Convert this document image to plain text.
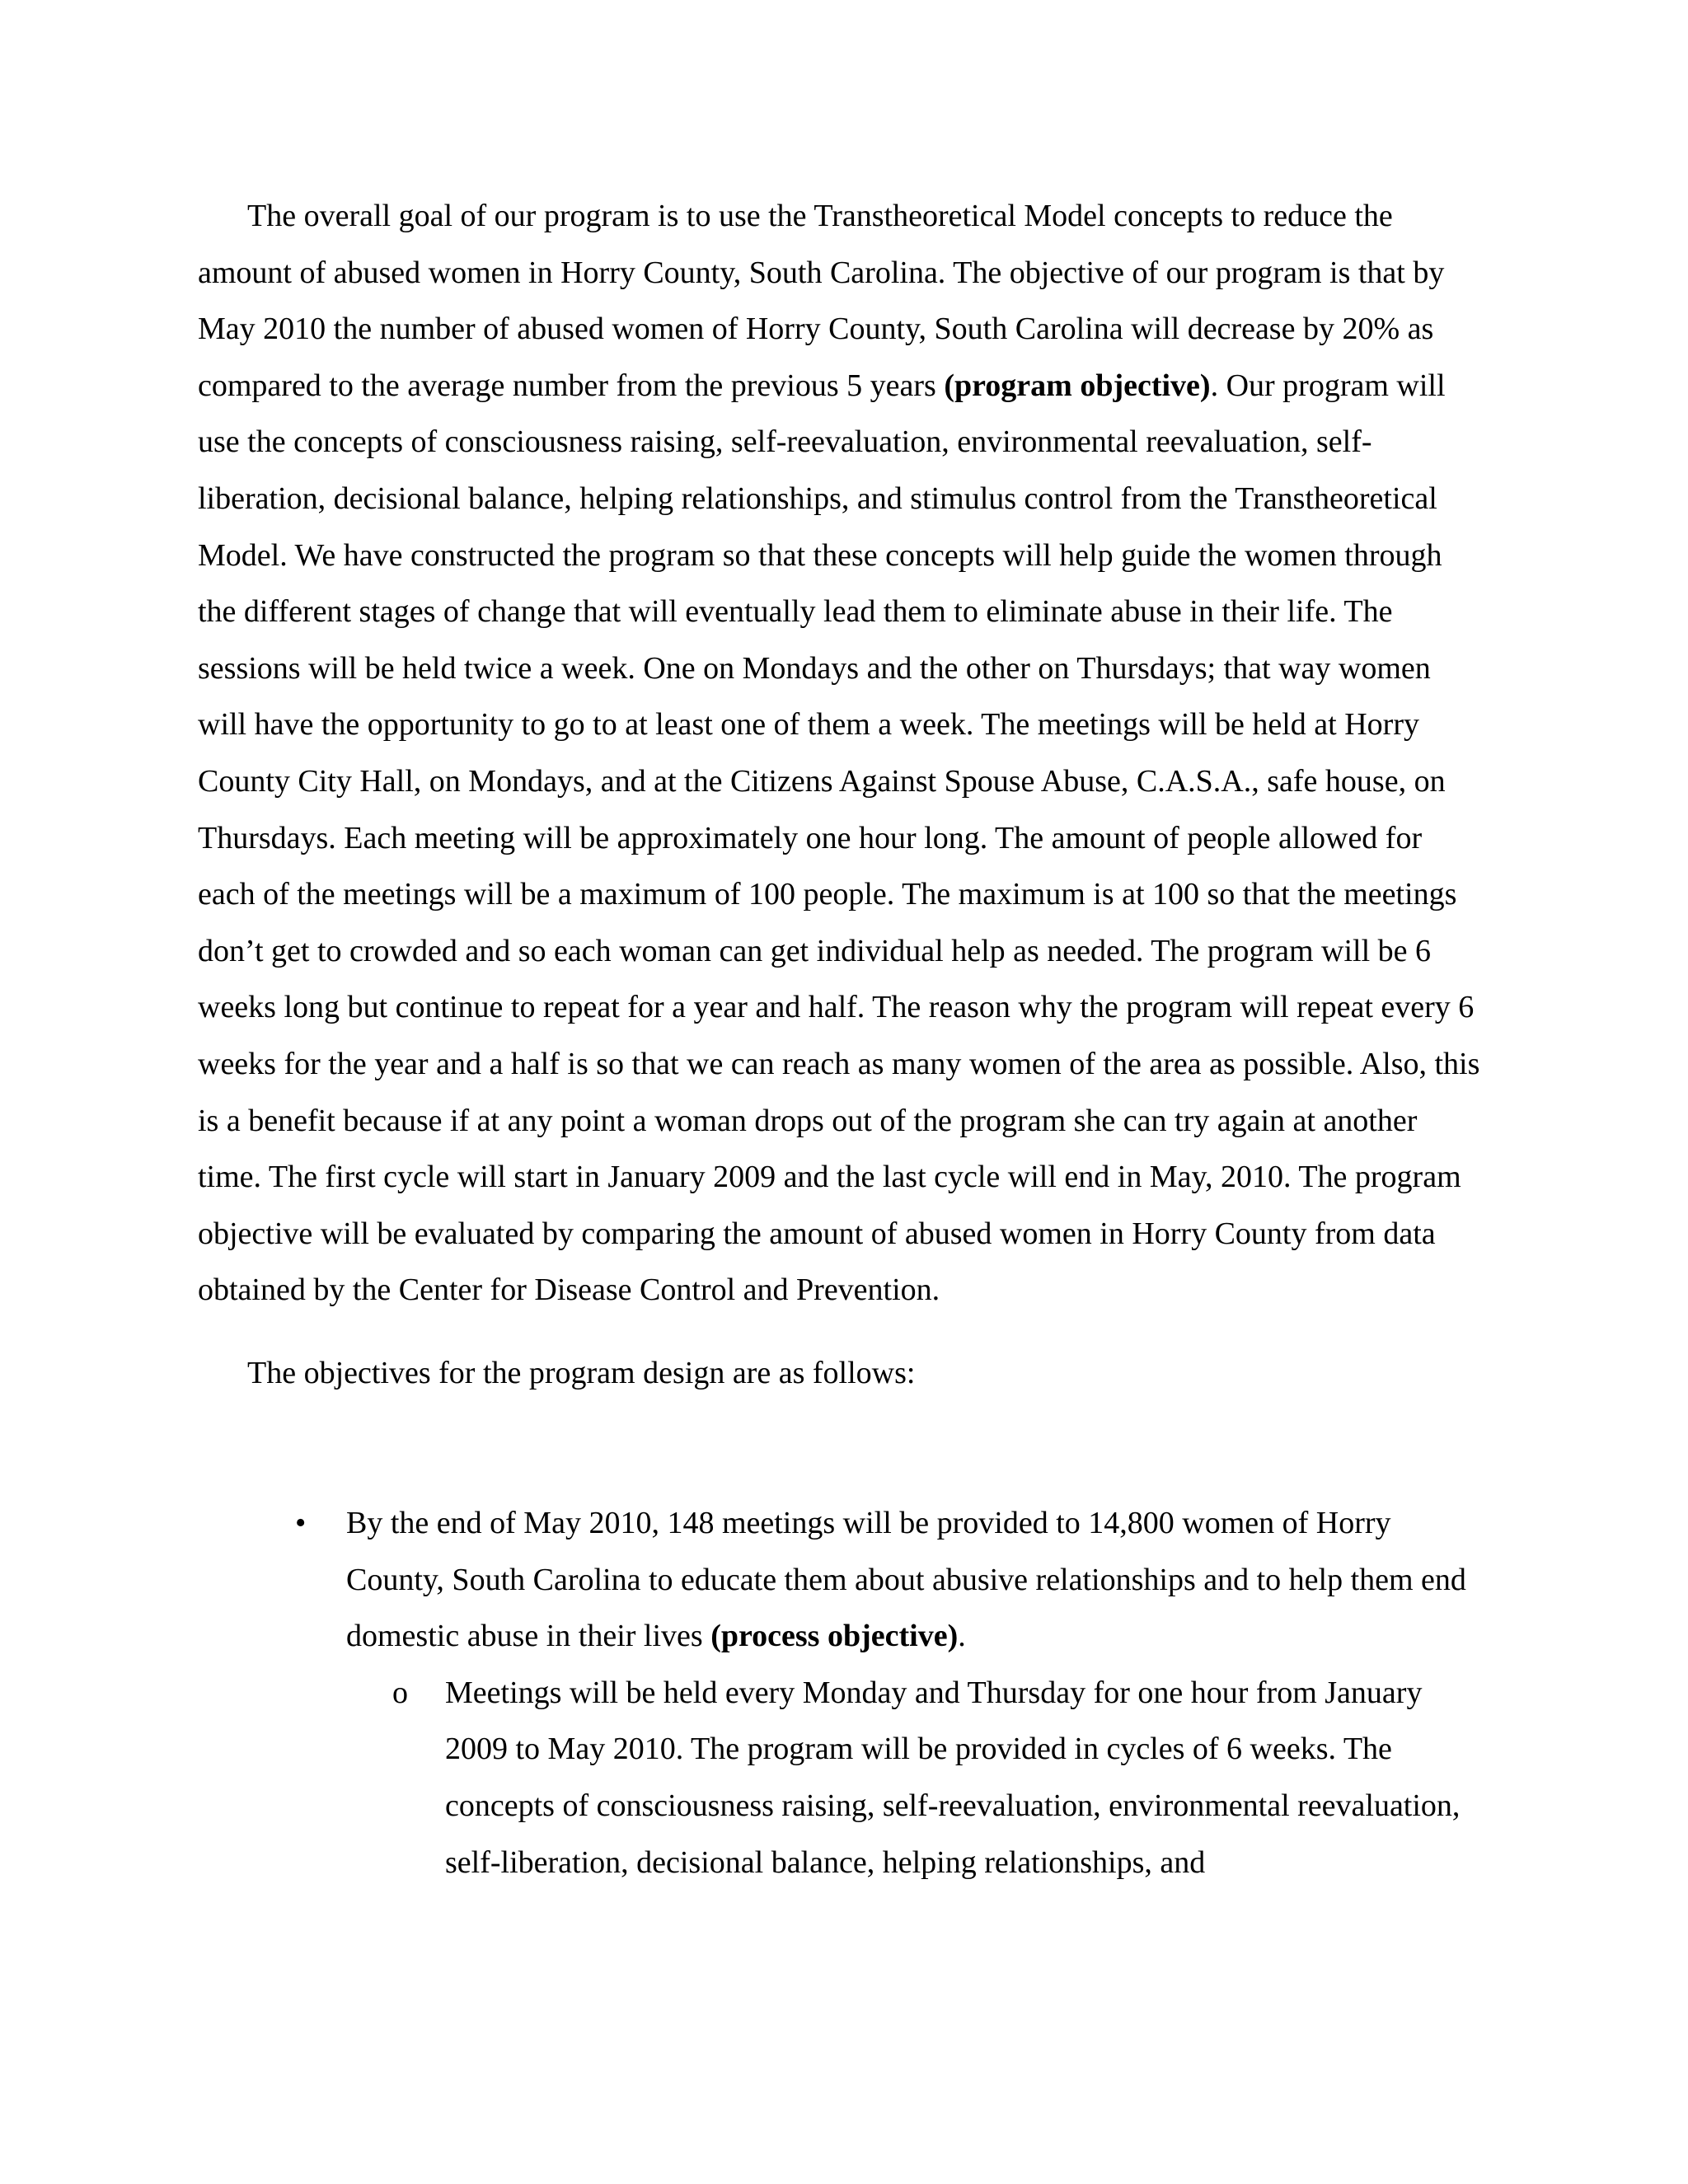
The overall goal of our program is to use the Transtheoretical Model concepts to reduce the amount of abused women in Horry County, South Carolina. The objective of our program is that by May 2010 the number of abused women of Horry County, South Carolina will decrease by 20% as compared to the average number from the previous 5 years (program objective). Our program will use the concepts of consciousness raising, self-reevaluation, environmental reevaluation, self-liberation, decisional balance, helping relationships, and stimulus control from the Transtheoretical Model. We have constructed the program so that these concepts will help guide the women through the different stages of change that will eventually lead them to eliminate abuse in their life. The sessions will be held twice a week. One on Mondays and the other on Thursdays; that way women will have the opportunity to go to at least one of them a week. The meetings will be held at Horry County City Hall, on Mondays, and at the Citizens Against Spouse Abuse, C.A.S.A., safe house, on Thursdays. Each meeting will be approximately one hour long. The amount of people allowed for each of the meetings will be a maximum of 100 people. The maximum is at 100 so that the meetings don’t get to crowded and so each woman can get individual help as needed. The program will be 6 weeks long but continue to repeat for a year and half. The reason why the program will repeat every 6 weeks for the year and a half is so that we can reach as many women of the area as possible. Also, this is a benefit because if at any point a woman drops out of the program she can try again at another time. The first cycle will start in January 2009 and the last cycle will end in May, 2010. The program objective will be evaluated by comparing the amount of abused women in Horry County from data obtained by the Center for Disease Control and Prevention.

The objectives for the program design are as follows:

•	By the end of May 2010, 148 meetings will be provided to 14,800 women of Horry County, South Carolina to educate them about abusive relationships and to help them end domestic abuse in their lives (process objective).
o Meetings will be held every Monday and Thursday for one hour from January 2009 to May 2010. The program will be provided in cycles of 6 weeks. The concepts of consciousness raising, self-reevaluation, environmental reevaluation, self-liberation, decisional balance, helping relationships, and
